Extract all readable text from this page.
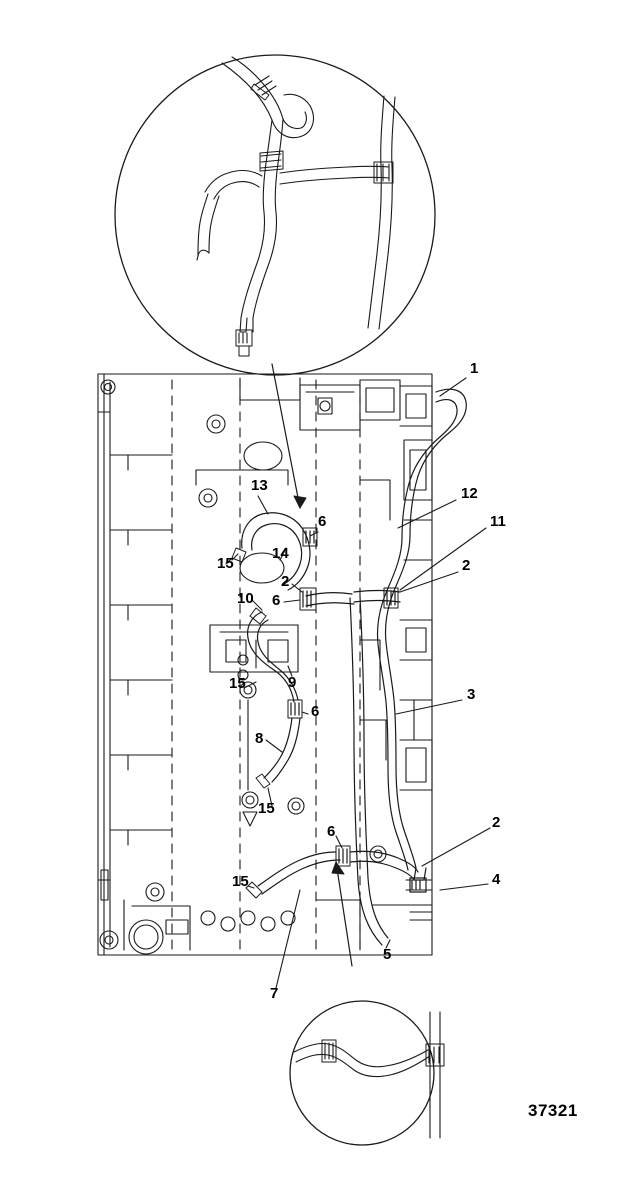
1
12
11
13
6
15
14
2
2
6
10
3
15	9
6
8
15
6
2
4
15
5
7
37321
